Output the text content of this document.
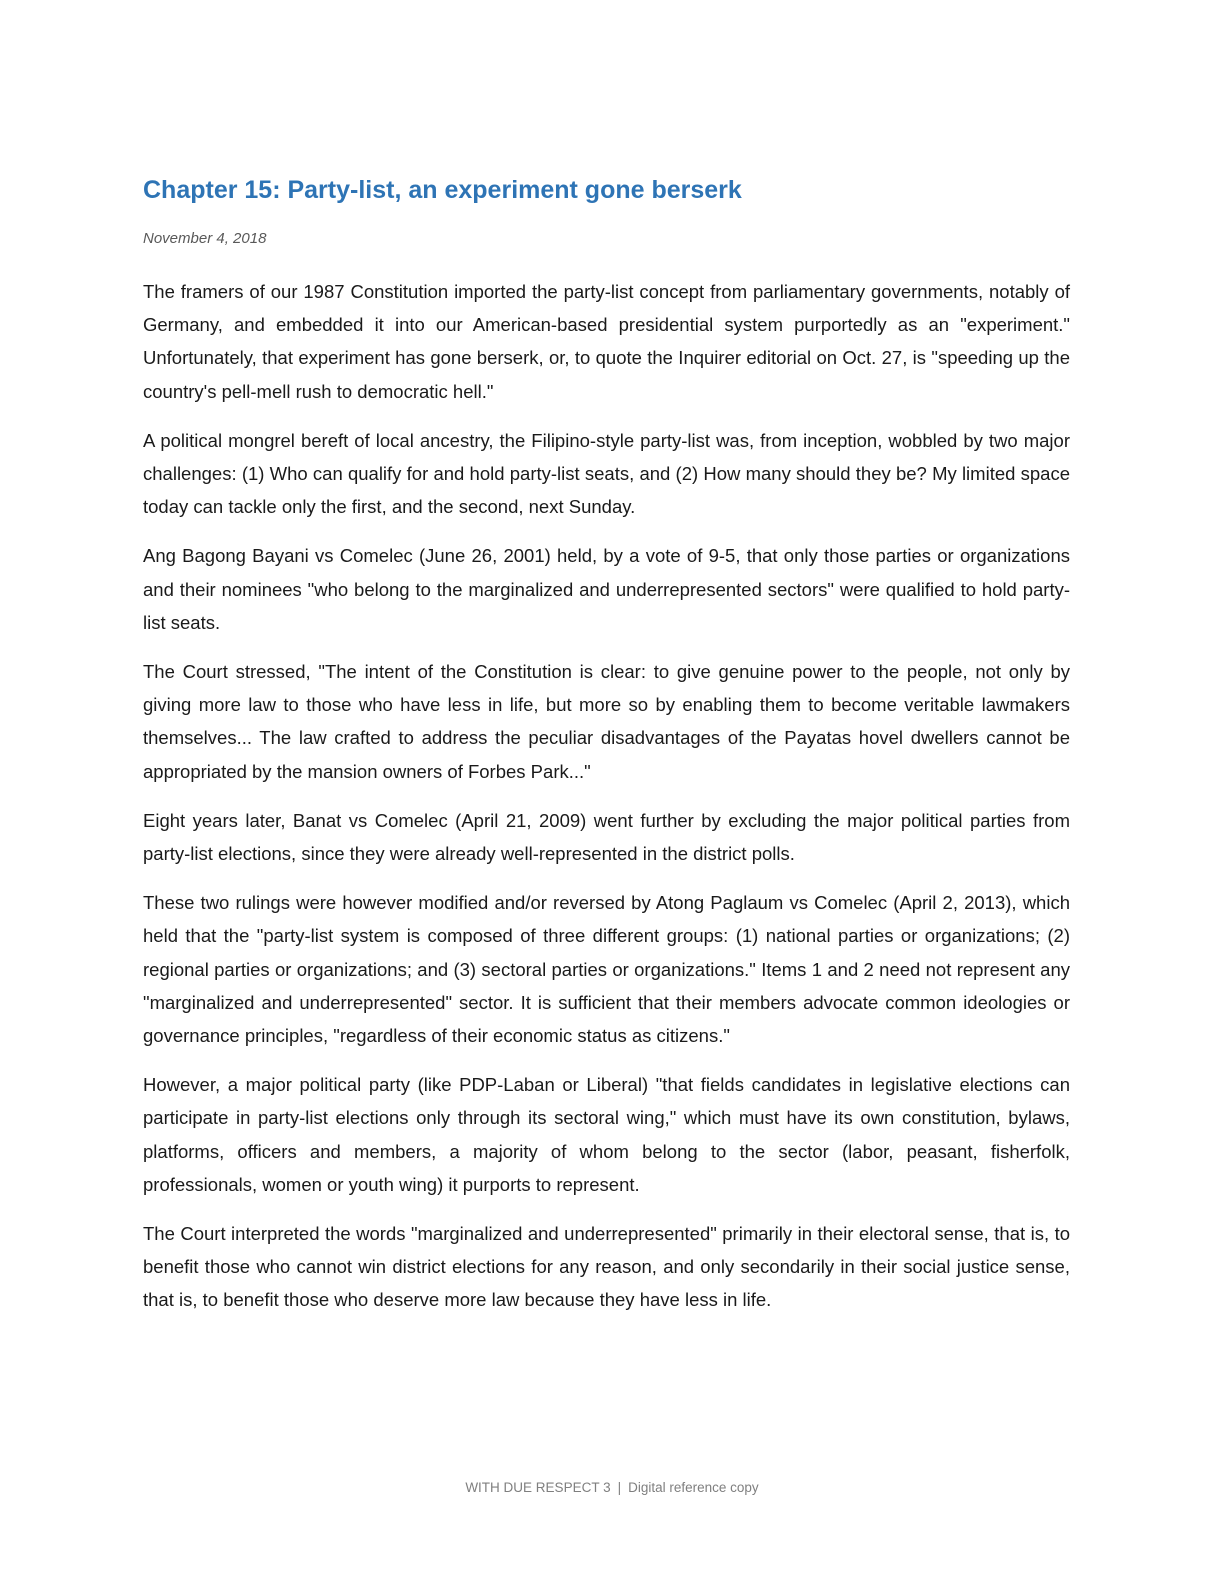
Chapter 15: Party-list, an experiment gone berserk
November 4, 2018

The framers of our 1987 Constitution imported the party-list concept from parliamentary governments, notably of Germany, and embedded it into our American-based presidential system purportedly as an "experiment." Unfortunately, that experiment has gone berserk, or, to quote the Inquirer editorial on Oct. 27, is "speeding up the country's pell-mell rush to democratic hell."

A political mongrel bereft of local ancestry, the Filipino-style party-list was, from inception, wobbled by two major challenges: (1) Who can qualify for and hold party-list seats, and (2) How many should they be? My limited space today can tackle only the first, and the second, next Sunday.

Ang Bagong Bayani vs Comelec (June 26, 2001) held, by a vote of 9-5, that only those parties or organizations and their nominees "who belong to the marginalized and underrepresented sectors" were qualified to hold party-list seats.

The Court stressed, "The intent of the Constitution is clear: to give genuine power to the people, not only by giving more law to those who have less in life, but more so by enabling them to become veritable lawmakers themselves... The law crafted to address the peculiar disadvantages of the Payatas hovel dwellers cannot be appropriated by the mansion owners of Forbes Park..."

Eight years later, Banat vs Comelec (April 21, 2009) went further by excluding the major political parties from party-list elections, since they were already well-represented in the district polls.

These two rulings were however modified and/or reversed by Atong Paglaum vs Comelec (April 2, 2013), which held that the "party-list system is composed of three different groups: (1) national parties or organizations; (2) regional parties or organizations; and (3) sectoral parties or organizations." Items 1 and 2 need not represent any "marginalized and underrepresented" sector. It is sufficient that their members advocate common ideologies or governance principles, "regardless of their economic status as citizens."

However, a major political party (like PDP-Laban or Liberal) "that fields candidates in legislative elections can participate in party-list elections only through its sectoral wing," which must have its own constitution, bylaws, platforms, officers and members, a majority of whom belong to the sector (labor, peasant, fisherfolk, professionals, women or youth wing) it purports to represent.

The Court interpreted the words "marginalized and underrepresented" primarily in their electoral sense, that is, to benefit those who cannot win district elections for any reason, and only secondarily in their social justice sense, that is, to benefit those who deserve more law because they have less in life.

WITH DUE RESPECT 3 | Digital reference copy
